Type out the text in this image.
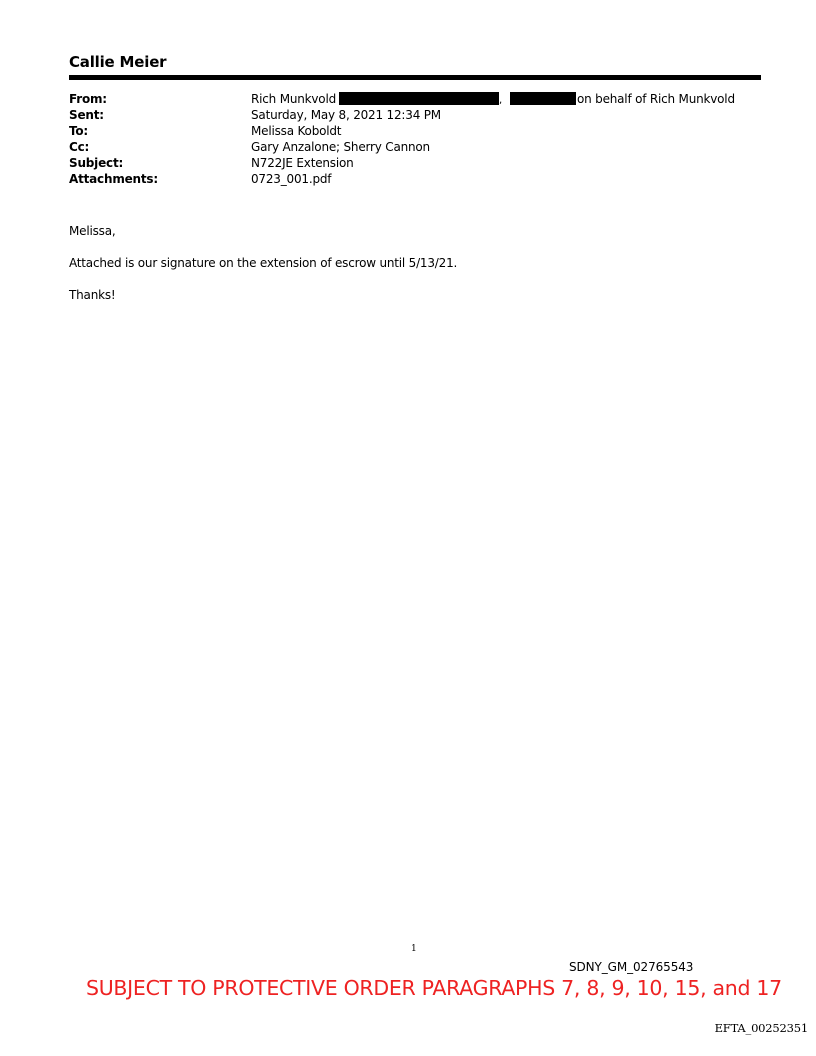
Callie Meier
From:	Rich Munkvold	,	on behalf of Rich Munkvold
Sent:	Saturday, May 8, 2021 12:34 PM
To:	Melissa Koboldt
Cc:	Gary Anzalone; Sherry Cannon
Subject:	N722JE Extension
Attachments:	0723_001.pdf

Melissa,

Attached is our signature on the extension of escrow until 5/13/21.

Thanks!

1
SDNY_GM_02765543
SUBJECT TO PROTECTIVE ORDER PARAGRAPHS 7, 8, 9, 10, 15, and 17
EFTA_00252351
